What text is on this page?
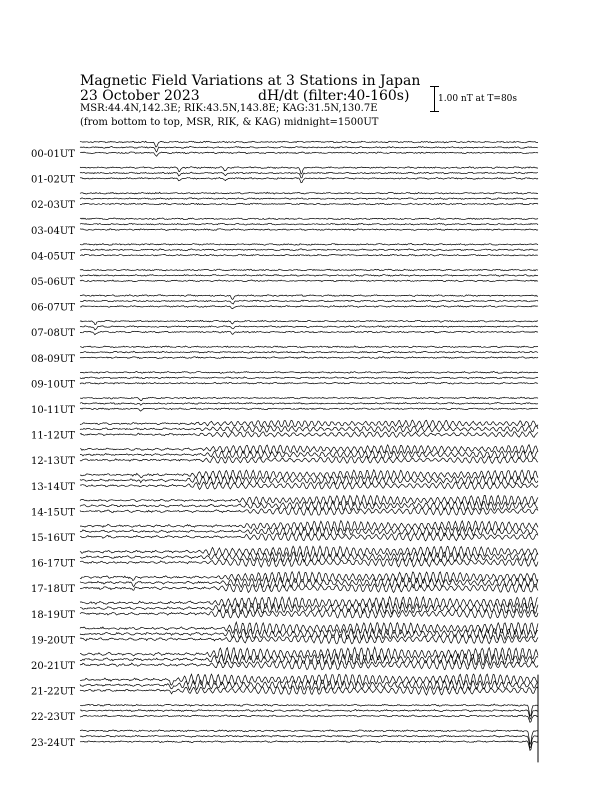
Magnetic Field Variations at 3 Stations in Japan
23 October 2023	dH/dt (filter:40-160s)
MSR:44.4N,142.3E; RIK:43.5N,143.8E; KAG:31.5N,130.7E
(from bottom to top, MSR, RIK, & KAG) midnight=1500UT
1.00 nT at T=80s
00-01UT
01-02UT
02-03UT
03-04UT
04-05UT
05-06UT
06-07UT
07-08UT
08-09UT
09-10UT
10-11UT
11-12UT
12-13UT
13-14UT
14-15UT
15-16UT
16-17UT
17-18UT
18-19UT
19-20UT
20-21UT
21-22UT
22-23UT
23-24UT
